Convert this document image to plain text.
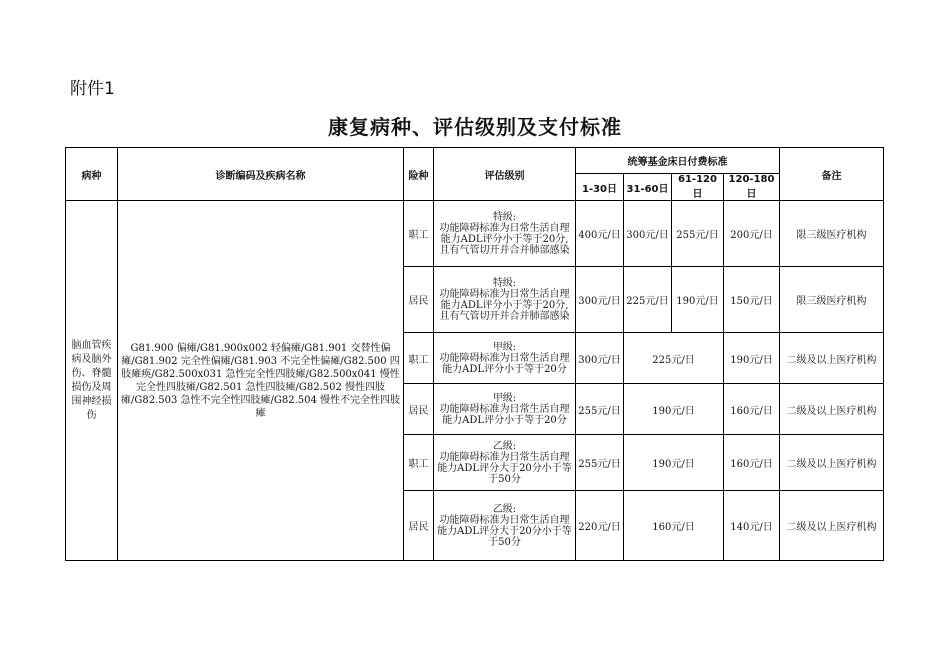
附件1
康复病种、评估级别及支付标准
病种	诊断编码及疾病名称	险种	评估级别	统筹基金床日付费标准				备注
				1-30日	31-60日	61-120日	120-180日	
脑血管疾病及脑外伤、脊髓损伤及周围神经损伤	G81.900 偏瘫/G81.900x002 轻偏瘫/G81.901 交替性偏瘫/G81.902 完全性偏瘫/G81.903 不完全性偏瘫/G82.500 四肢瘫痪/G82.500x031 急性完全性四肢瘫/G82.500x041 慢性完全性四肢瘫/G82.501 急性四肢瘫/G82.502 慢性四肢瘫/G82.503 急性不完全性四肢瘫/G82.504 慢性不完全性四肢瘫	职工	特级:
功能障碍标准为日常生活自理能力ADL评分小于等于20分,且有气管切开并合并肺部感染	400元/日	300元/日	255元/日	200元/日	限三级医疗机构
		居民	特级:
功能障碍标准为日常生活自理能力ADL评分小于等于20分,且有气管切开并合并肺部感染	300元/日	225元/日	190元/日	150元/日	限三级医疗机构
		职工	甲级:
功能障碍标准为日常生活自理能力ADL评分小于等于20分	300元/日	225元/日		190元/日	二级及以上医疗机构
		居民	甲级:
功能障碍标准为日常生活自理能力ADL评分小于等于20分	255元/日	190元/日		160元/日	二级及以上医疗机构
		职工	乙级:
功能障碍标准为日常生活自理能力ADL评分大于20分小于等于50分	255元/日	190元/日		160元/日	二级及以上医疗机构
		居民	乙级:
功能障碍标准为日常生活自理能力ADL评分大于20分小于等于50分	220元/日	160元/日		140元/日	二级及以上医疗机构
